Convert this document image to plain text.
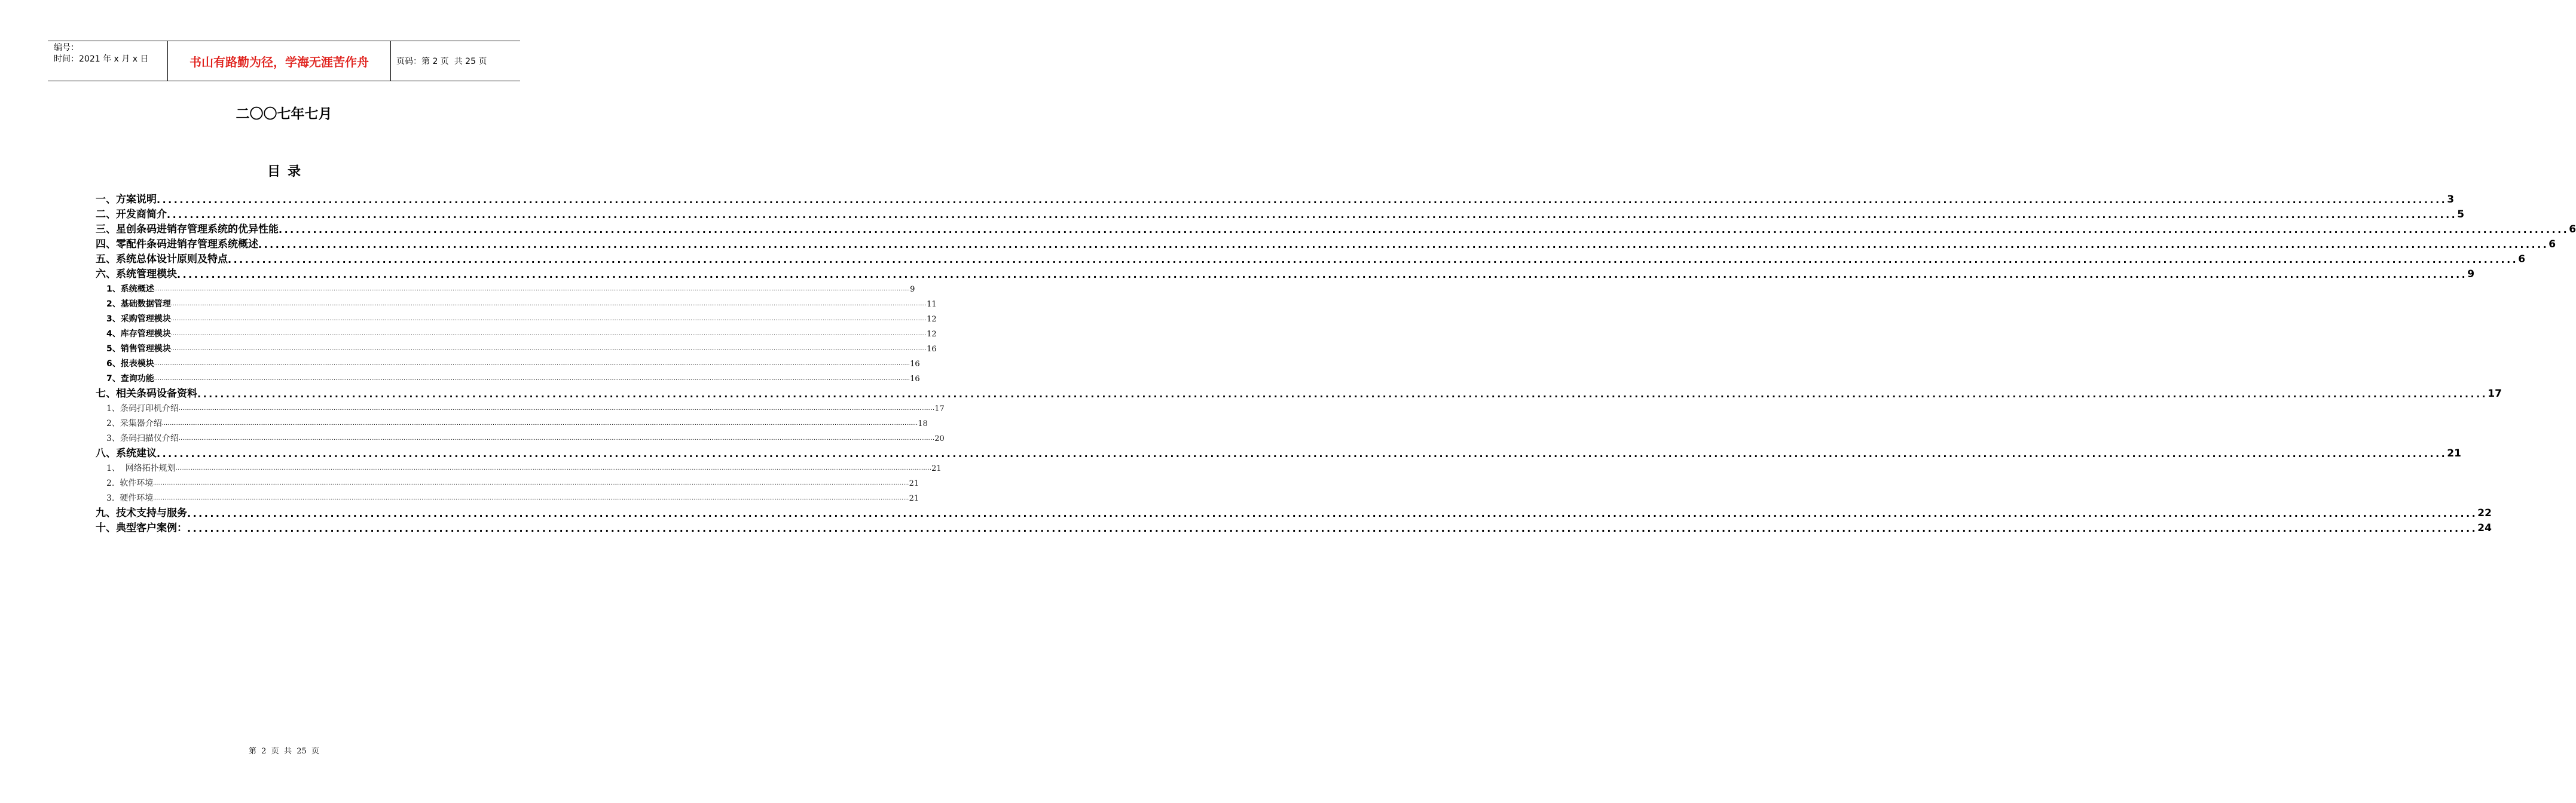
编号：
时间：2021 年 x 月 x 日	书山有路勤为径，学海无涯苦作舟	页码：第 2 页  共 25 页
二〇〇七年七月
目录
一、方案说明 ................................................................................................................................................................................................................................................................................................................................................................................................................ 3
二、开发商简介 ................................................................................................................................................................................................................................................................................................................................................................................................................ 5
三、星创条码进销存管理系统的优异性能 ................................................................................................................................................................................................................................................................................................................................................................................................................ 6
四、零配件条码进销存管理系统概述 ................................................................................................................................................................................................................................................................................................................................................................................................................ 6
五、系统总体设计原则及特点 ................................................................................................................................................................................................................................................................................................................................................................................................................ 6
六、系统管理模块 ................................................................................................................................................................................................................................................................................................................................................................................................................ 9
1、系统概述 ................................................................................................................................................................................................................................................................................................................................................................................................................ 9
2、基础数据管理 ................................................................................................................................................................................................................................................................................................................................................................................................................ 11
3、采购管理模块 ................................................................................................................................................................................................................................................................................................................................................................................................................ 12
4、库存管理模块 ................................................................................................................................................................................................................................................................................................................................................................................................................ 12
5、销售管理模块 ................................................................................................................................................................................................................................................................................................................................................................................................................ 16
6、报表模块 ................................................................................................................................................................................................................................................................................................................................................................................................................ 16
7、查询功能 ................................................................................................................................................................................................................................................................................................................................................................................................................ 16
七、相关条码设备资料 ................................................................................................................................................................................................................................................................................................................................................................................................................ 17
1、条码打印机介绍 ................................................................................................................................................................................................................................................................................................................................................................................................................ 17
2、采集器介绍 ................................................................................................................................................................................................................................................................................................................................................................................................................ 18
3、条码扫描仪介绍 ................................................................................................................................................................................................................................................................................................................................................................................................................ 20
八、系统建议 ................................................................................................................................................................................................................................................................................................................................................................................................................ 21
1、  网络拓扑规划 ................................................................................................................................................................................................................................................................................................................................................................................................................ 21
2.  软件环境 ................................................................................................................................................................................................................................................................................................................................................................................................................ 21
3.  硬件环境 ................................................................................................................................................................................................................................................................................................................................................................................................................ 21
九、技术支持与服务 ................................................................................................................................................................................................................................................................................................................................................................................................................ 22
十、典型客户案例： ................................................................................................................................................................................................................................................................................................................................................................................................................ 24
第  2  页  共  25  页
